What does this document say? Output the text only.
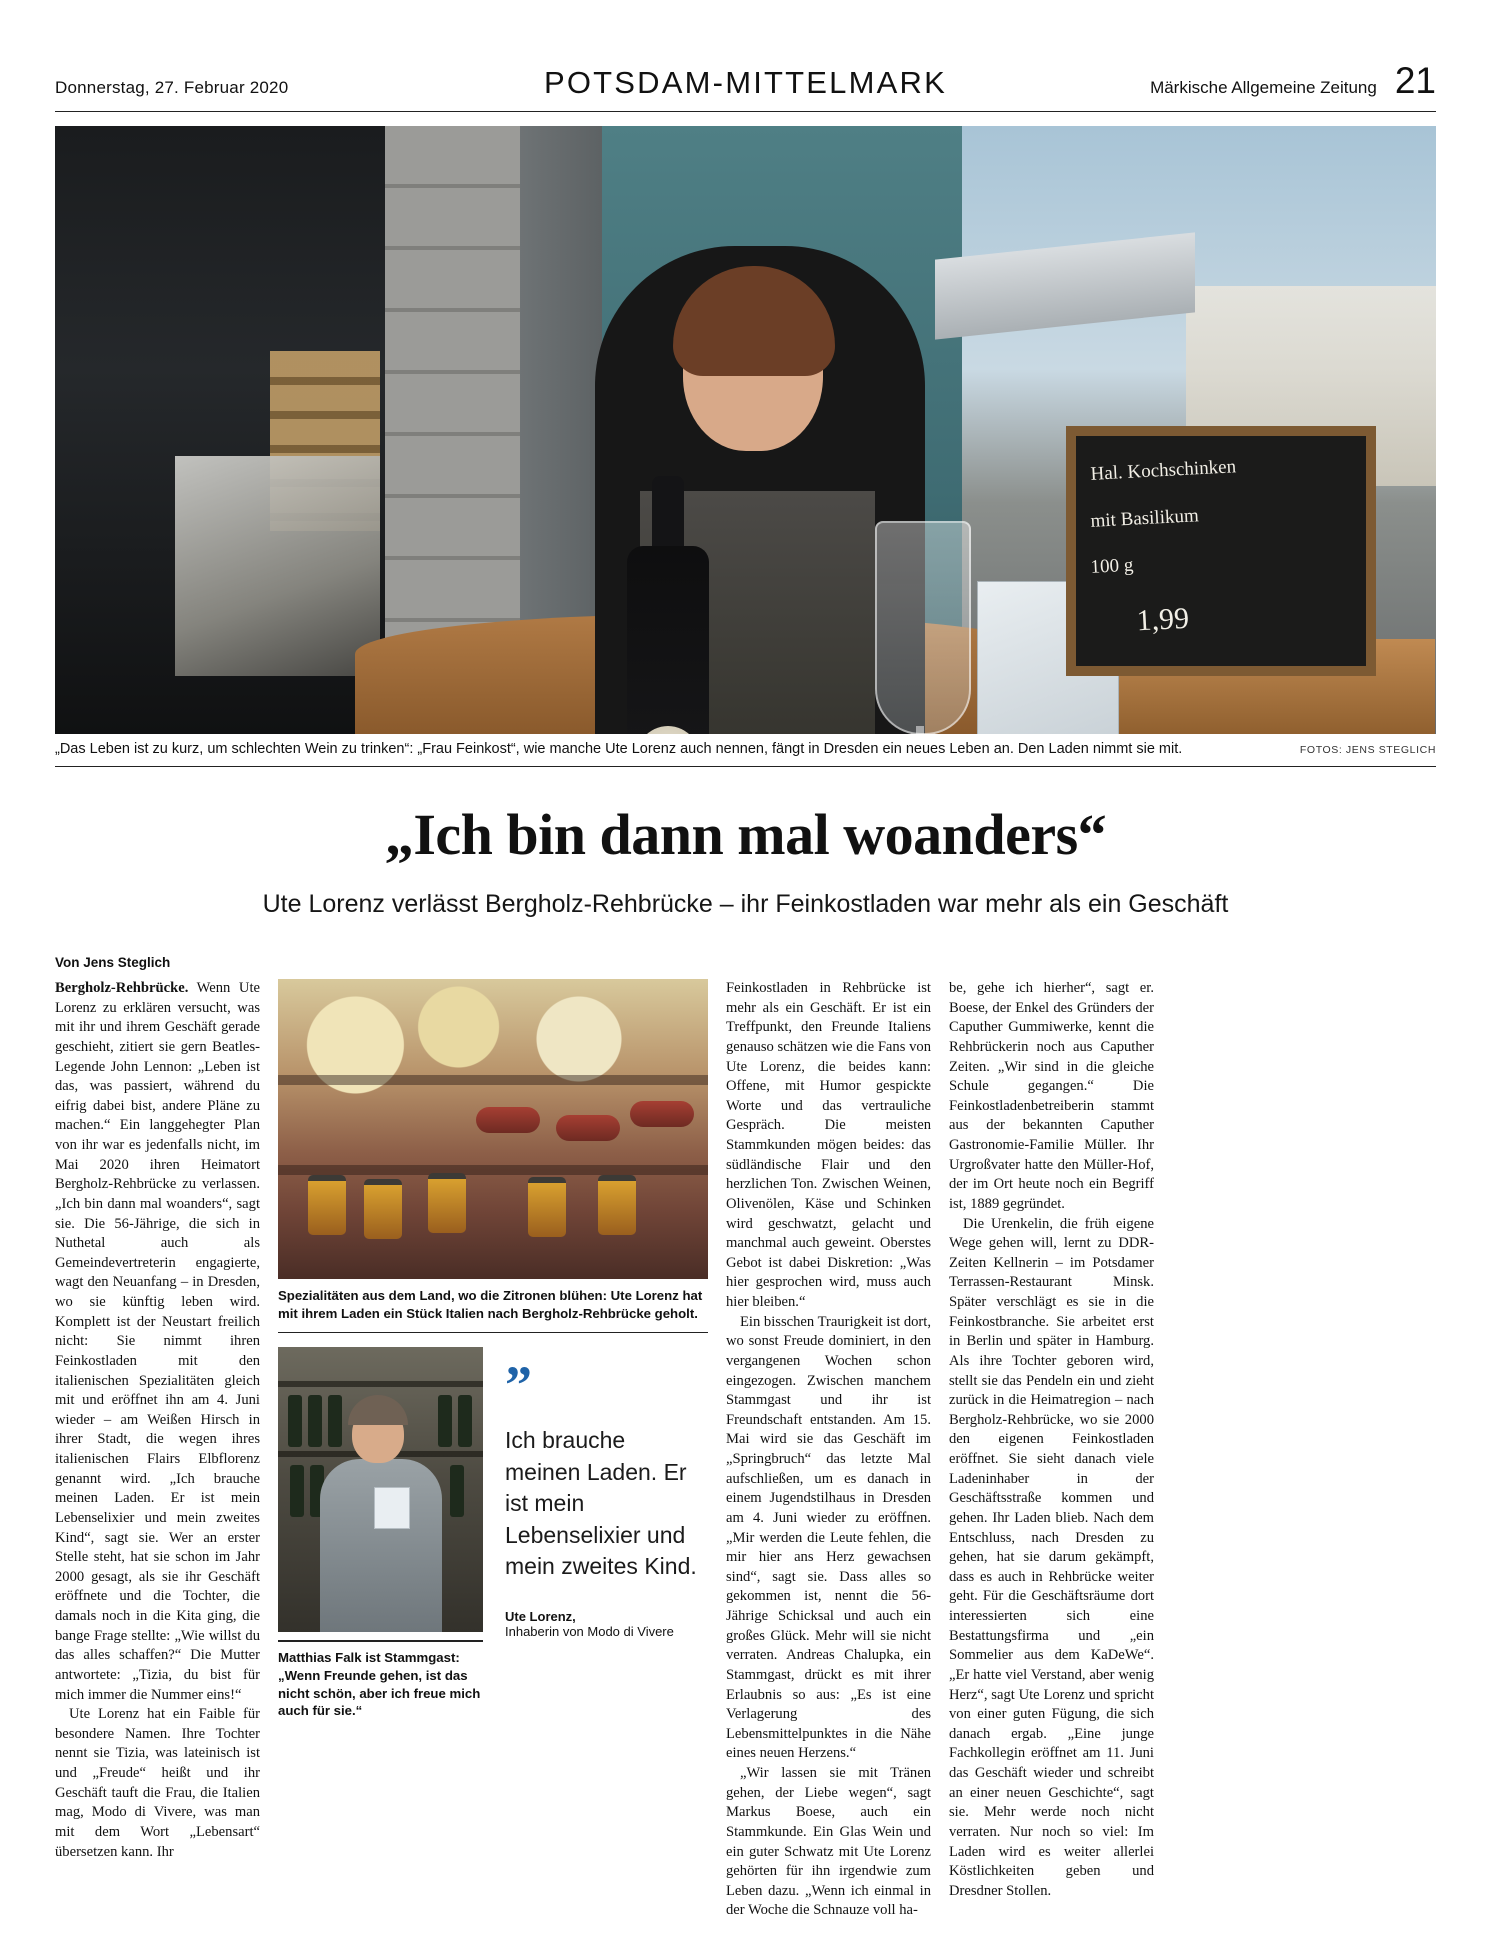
Donnerstag, 27. Februar 2020	POTSDAM-MITTELMARK	Märkische Allgemeine Zeitung 21
Hal. Kochschinken
mit Basilikum
100 g
1,99
„Das Leben ist zu kurz, um schlechten Wein zu trinken“: „Frau Feinkost“, wie manche Ute Lorenz auch nennen, fängt in Dresden ein neues Leben an. Den Laden nimmt sie mit.	FOTOS: JENS STEGLICH
„Ich bin dann mal woanders“
Ute Lorenz verlässt Bergholz-Rehbrücke – ihr Feinkostladen war mehr als ein Geschäft
Von Jens Steglich

Bergholz-Rehbrücke. Wenn Ute Lorenz zu erklären versucht, was mit ihr und ihrem Geschäft gerade geschieht, zitiert sie gern Beatles-Legende John Lennon: „Leben ist das, was passiert, während du eifrig dabei bist, andere Pläne zu machen.“ Ein langgehegter Plan von ihr war es jedenfalls nicht, im Mai 2020 ihren Heimatort Bergholz-Rehbrücke zu verlassen. „Ich bin dann mal woanders“, sagt sie. Die 56-Jährige, die sich in Nuthetal auch als Gemeindevertreterin engagierte, wagt den Neuanfang – in Dresden, wo sie künftig leben wird. Komplett ist der Neustart freilich nicht: Sie nimmt ihren Feinkostladen mit den italienischen Spezialitäten gleich mit und eröffnet ihn am 4. Juni wieder – am Weißen Hirsch in ihrer Stadt, die wegen ihres italienischen Flairs Elbflorenz genannt wird. „Ich brauche meinen Laden. Er ist mein Lebenselixier und mein zweites Kind“, sagt sie. Wer an erster Stelle steht, hat sie schon im Jahr 2000 gesagt, als sie ihr Geschäft eröffnete und die Tochter, die damals noch in die Kita ging, die bange Frage stellte: „Wie willst du das alles schaffen?“ Die Mutter antwortete: „Tizia, du bist für mich immer die Nummer eins!“

Ute Lorenz hat ein Faible für besondere Namen. Ihre Tochter nennt sie Tizia, was lateinisch ist und „Freude“ heißt und ihr Geschäft tauft die Frau, die Italien mag, Modo di Vivere, was man mit dem Wort „Lebensart“ übersetzen kann. Ihr

Spezialitäten aus dem Land, wo die Zitronen blühen: Ute Lorenz hat mit ihrem Laden ein Stück Italien nach Bergholz-Rehbrücke geholt.
Matthias Falk ist Stammgast: „Wenn Freunde gehen, ist das nicht schön, aber ich freue mich auch für sie.“
”
Ich brauche meinen Laden. Er ist mein Lebenselixier und mein zweites Kind.
Ute Lorenz,
Inhaberin von Modo di Vivere

Feinkostladen in Rehbrücke ist mehr als ein Geschäft. Er ist ein Treffpunkt, den Freunde Italiens genauso schätzen wie die Fans von Ute Lorenz, die beides kann: Offene, mit Humor gespickte Worte und das vertrauliche Gespräch. Die meisten Stammkunden mögen beides: das südländische Flair und den herzlichen Ton. Zwischen Weinen, Olivenölen, Käse und Schinken wird geschwatzt, gelacht und manchmal auch geweint. Oberstes Gebot ist dabei Diskretion: „Was hier gesprochen wird, muss auch hier bleiben.“

Ein bisschen Traurigkeit ist dort, wo sonst Freude dominiert, in den vergangenen Wochen schon eingezogen. Zwischen manchem Stammgast und ihr ist Freundschaft entstanden. Am 15. Mai wird sie das Geschäft im „Springbruch“ das letzte Mal aufschließen, um es danach in einem Jugendstilhaus in Dresden am 4. Juni wieder zu eröffnen. „Mir werden die Leute fehlen, die mir hier ans Herz gewachsen sind“, sagt sie. Dass alles so gekommen ist, nennt die 56-Jährige Schicksal und auch ein großes Glück. Mehr will sie nicht verraten. Andreas Chalupka, ein Stammgast, drückt es mit ihrer Erlaubnis so aus: „Es ist eine Verlagerung des Lebensmittelpunktes in die Nähe eines neuen Herzens.“

„Wir lassen sie mit Tränen gehen, der Liebe wegen“, sagt Markus Boese, auch ein Stammkunde. Ein Glas Wein und ein guter Schwatz mit Ute Lorenz gehörten für ihn irgendwie zum Leben dazu. „Wenn ich einmal in der Woche die Schnauze voll ha-

be, gehe ich hierher“, sagt er. Boese, der Enkel des Gründers der Caputher Gummiwerke, kennt die Rehbrückerin noch aus Caputher Zeiten. „Wir sind in die gleiche Schule gegangen.“ Die Feinkostladenbetreiberin stammt aus der bekannten Caputher Gastronomie-Familie Müller. Ihr Urgroßvater hatte den Müller-Hof, der im Ort heute noch ein Begriff ist, 1889 gegründet.

Die Urenkelin, die früh eigene Wege gehen will, lernt zu DDR-Zeiten Kellnerin – im Potsdamer Terrassen-Restaurant Minsk. Später verschlägt es sie in die Feinkostbranche. Sie arbeitet erst in Berlin und später in Hamburg. Als ihre Tochter geboren wird, stellt sie das Pendeln ein und zieht zurück in die Heimatregion – nach Bergholz-Rehbrücke, wo sie 2000 den eigenen Feinkostladen eröffnet. Sie sieht danach viele Ladeninhaber in der Geschäftsstraße kommen und gehen. Ihr Laden blieb. Nach dem Entschluss, nach Dresden zu gehen, hat sie darum gekämpft, dass es auch in Rehbrücke weiter geht. Für die Geschäftsräume dort interessierten sich eine Bestattungsfirma und „ein Sommelier aus dem KaDeWe“. „Er hatte viel Verstand, aber wenig Herz“, sagt Ute Lorenz und spricht von einer guten Fügung, die sich danach ergab. „Eine junge Fachkollegin eröffnet am 11. Juni das Geschäft wieder und schreibt an einer neuen Geschichte“, sagt sie. Mehr werde noch nicht verraten. Nur noch so viel: Im Laden wird es weiter allerlei Köstlichkeiten geben und Dresdner Stollen.
